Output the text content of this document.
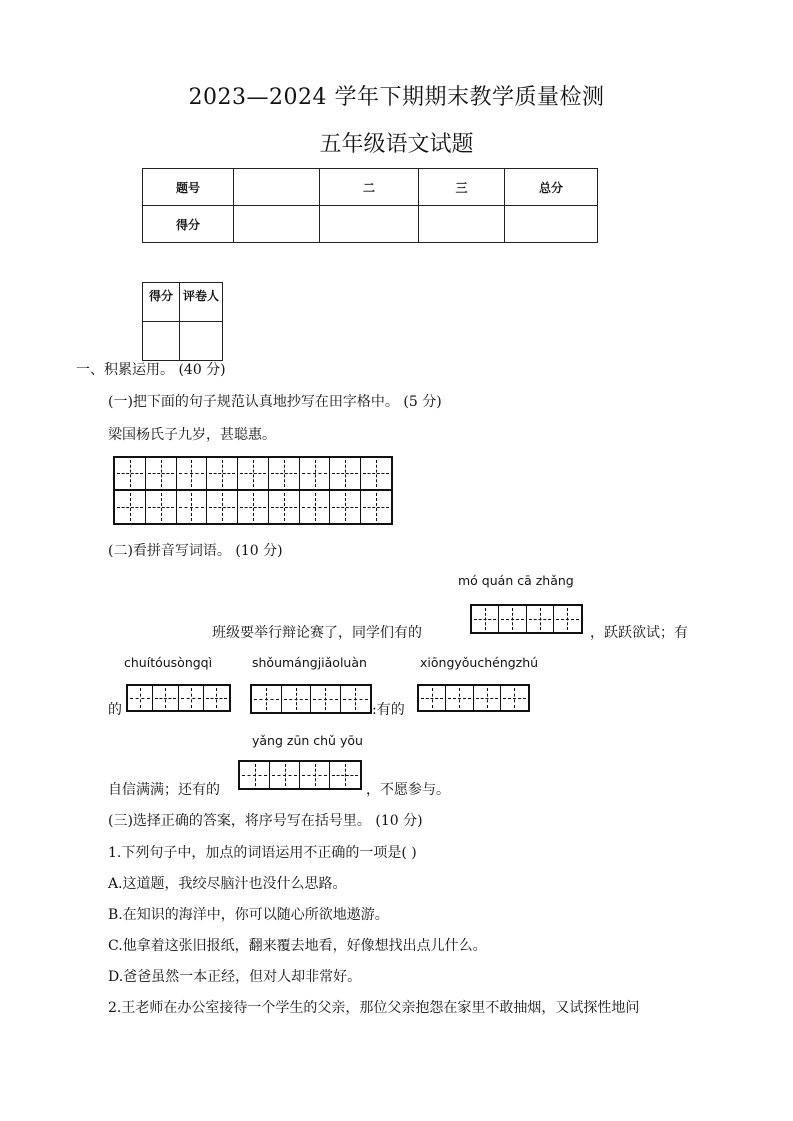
2023—2024 学年下期期末教学质量检测
五年级语文试题
题号		二	三	总分
得分				
得分	评卷人

一、积累运用。 (40 分)
(一)把下面的句子规范认真地抄写在田字格中。 (5 分)
梁国杨氏子九岁，甚聪惠。
(二)看拼音写词语。 (10 分)
mó quán cā zhǎng
班级要举行辩论赛了，同学们有的	，跃跃欲试；有
chuítóusòngqì	shǒumángjiǎoluàn	xiōngyǒuchéngzhú
的	:有的
yǎng zūn chǔ yōu
自信满满；还有的	，不愿参与。
(三)选择正确的答案，将序号写在括号里。 (10 分)
1.下列句子中，加点的词语运用不正确的一项是( )
A.这道题，我绞尽脑汁也没什么思路。
B.在知识的海洋中，你可以随心所欲地遨游。
C.他拿着这张旧报纸，翻来覆去地看，好像想找出点儿什么。
D.爸爸虽然一本正经，但对人却非常好。
2.王老师在办公室接待一个学生的父亲，那位父亲抱怨在家里不敢抽烟，又试探性地问
